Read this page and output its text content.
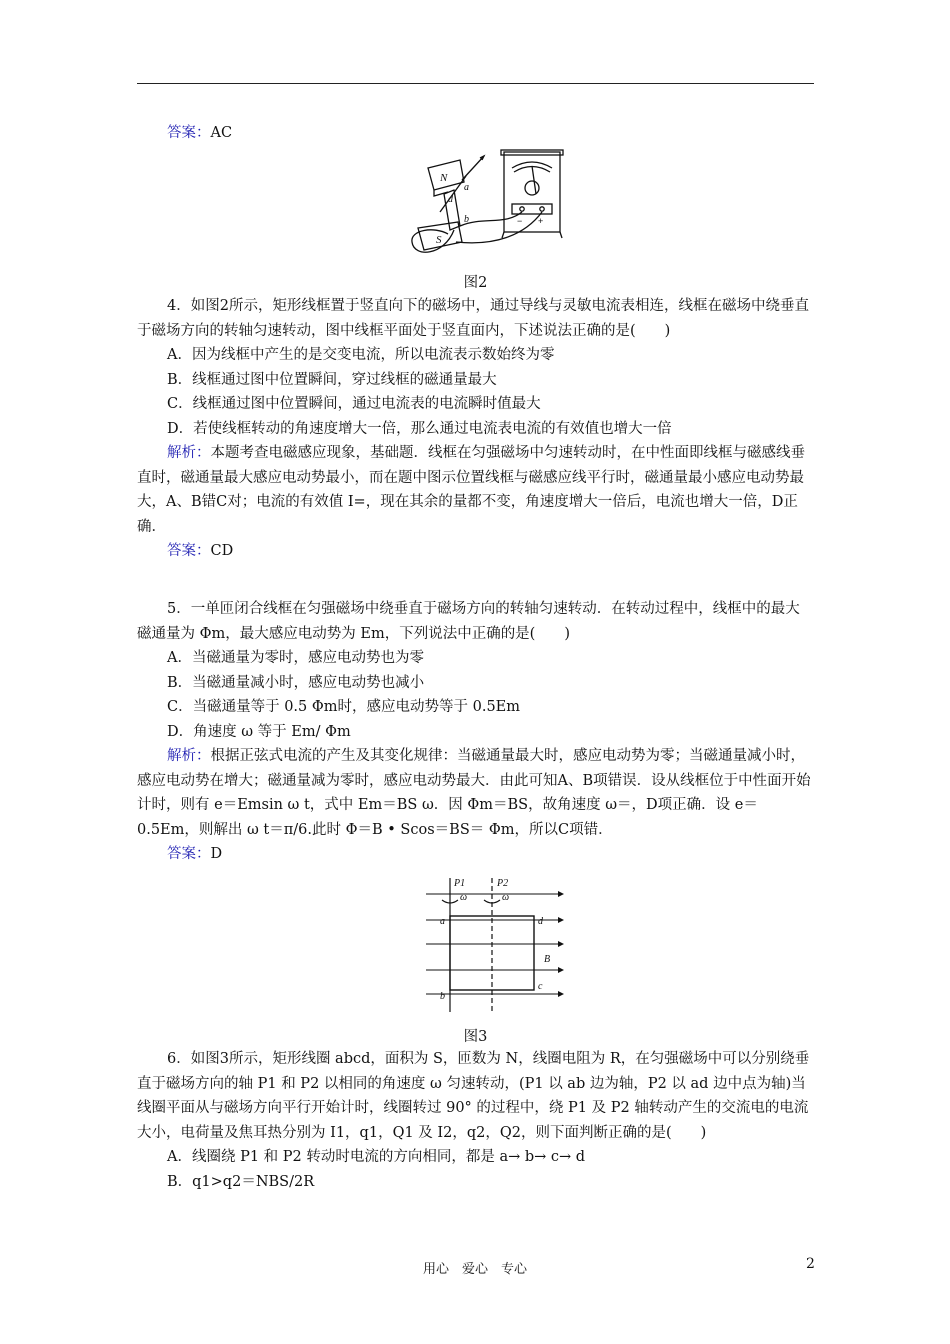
答案：AC
N
S
d
b
a
− +
图2
4．如图2所示，矩形线框置于竖直向下的磁场中，通过导线与灵敏电流表相连，线框在磁场中绕垂直于磁场方向的转轴匀速转动，图中线框平面处于竖直面内，下述说法正确的是(　　)
A．因为线框中产生的是交变电流，所以电流表示数始终为零
B．线框通过图中位置瞬间，穿过线框的磁通量最大
C．线框通过图中位置瞬间，通过电流表的电流瞬时值最大
D．若使线框转动的角速度增大一倍，那么通过电流表电流的有效值也增大一倍
解析：本题考查电磁感应现象，基础题．线框在匀强磁场中匀速转动时，在中性面即线框与磁感线垂直时，磁通量最大感应电动势最小，而在题中图示位置线框与磁感应线平行时，磁通量最小感应电动势最大，A、B错C对；电流的有效值 I=，现在其余的量都不变，角速度增大一倍后，电流也增大一倍，D正确．
答案：CD
5．一单匝闭合线框在匀强磁场中绕垂直于磁场方向的转轴匀速转动．在转动过程中，线框中的最大磁通量为 Φm，最大感应电动势为 Em，下列说法中正确的是(　　)
A．当磁通量为零时，感应电动势也为零
B．当磁通量减小时，感应电动势也减小
C．当磁通量等于 0.5 Φm时，感应电动势等于 0.5Em
D．角速度 ω 等于 Em/ Φm
解析：根据正弦式电流的产生及其变化规律：当磁通量最大时，感应电动势为零；当磁通量减小时，感应电动势在增大；磁通量减为零时，感应电动势最大．由此可知A、B项错误．设从线框位于中性面开始计时，则有 e＝Emsin ω t，式中 Em＝BS ω．因 Φm＝BS，故角速度 ω＝，D项正确．设 e＝0.5Em，则解出 ω t＝π/6.此时 Φ＝B • Scos＝BS＝ Φm，所以C项错．
答案：D
P1	P2
ω	ω
a	d
B
b
c
图3
6．如图3所示，矩形线圈 abcd，面积为 S，匝数为 N，线圈电阻为 R，在匀强磁场中可以分别绕垂直于磁场方向的轴 P1 和 P2 以相同的角速度 ω 匀速转动，(P1 以 ab 边为轴，P2 以 ad 边中点为轴)当线圈平面从与磁场方向平行开始计时，线圈转过 90° 的过程中，绕 P1 及 P2 轴转动产生的交流电的电流大小，电荷量及焦耳热分别为 I1，q1，Q1 及 I2，q2，Q2，则下面判断正确的是(　　)
A．线圈绕 P1 和 P2 转动时电流的方向相同，都是 a→ b→ c→ d
B．q1>q2＝NBS/2R
用心　爱心　专心	2
